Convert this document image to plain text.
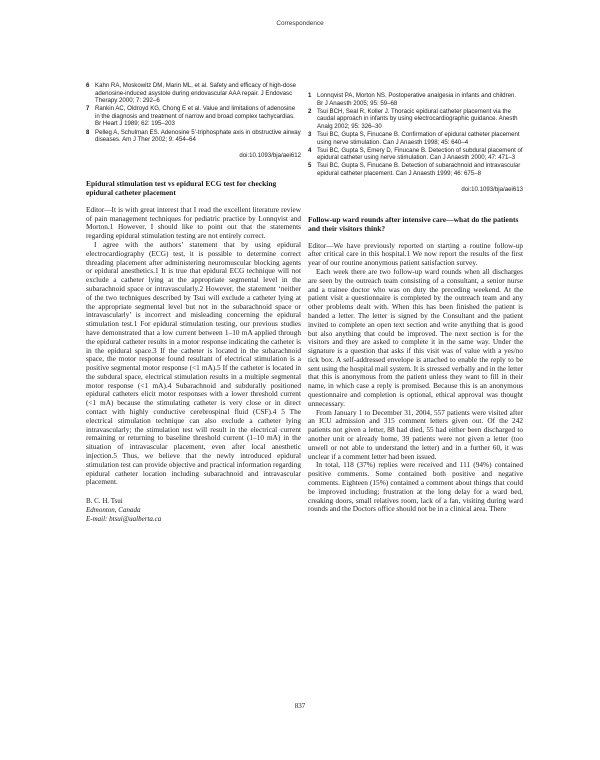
Correspondence
6 Kahn RA, Moskowitz DM, Marin ML, et al. Safety and efficacy of high-dose adenosine-induced asystole during endovascular AAA repair. J Endovasc Therapy 2000; 7: 292–6
7 Rankin AC, Oldroyd KG, Chong E et al. Value and limitations of adenosine in the diagnosis and treatment of narrow and broad complex tachycardias. Br Heart J 1989; 62: 195–203
8 Pelleg A, Schulman ES. Adenosine 5′-triphosphate axis in obstructive airway diseases. Am J Ther 2002; 9: 454–64
doi:10.1093/bja/aei612
Epidural stimulation test vs epidural ECG test for checking epidural catheter placement

Editor—It is with great interest that I read the excellent literature review of pain management techniques for pediatric practice by Lonnqvist and Morton.1 However, I should like to point out that the statements regarding epidural stimulation testing are not entirely correct.

I agree with the authors’ statement that by using epidural electrocardiography (ECG) test, it is possible to determine correct threading placement after administering neuromuscular blocking agents or epidural anesthetics.1 It is true that epidural ECG technique will not exclude a catheter lying at the appropriate segmental level in the subarachnoid space or intravascularly.2 However, the statement ‘neither of the two techniques described by Tsui will exclude a catheter lying at the appropriate segmental level but not in the subarachnoid space or intravascularly’ is incorrect and misleading concerning the epidural stimulation test.1 For epidural stimulation testing, our previous studies have demonstrated that a low current between 1–10 mA applied through the epidural catheter results in a motor response indicating the catheter is in the epidural space.3 If the catheter is located in the subarachnoid space, the motor response found resultant of electrical stimulation is a positive segmental motor response (<1 mA).5 If the catheter is located in the subdural space, electrical stimulation results in a multiple segmental motor response (<1 mA).4 Subarachnoid and subdurally positioned epidural catheters elicit motor responses with a lower threshold current (<1 mA) because the stimulating catheter is very close or in direct contact with highly conductive cerebrospinal fluid (CSF).4 5 The electrical stimulation technique can also exclude a catheter lying intravascularly; the stimulation test will result in the electrical current remaining or returning to baseline threshold current (1–10 mA) in the situation of intravascular placement, even after local anesthetic injection.5 Thus, we believe that the newly introduced epidural stimulation test can provide objective and practical information regarding epidural catheter location including subarachnoid and intravascular placement.

B. C. H. Tsui
Edmonton, Canada
E-mail: btsui@ualberta.ca
1 Lonnqvist PA, Morton NS. Postoperative analgesia in infants and children. Br J Anaesth 2005; 95: 59–68
2 Tsui BCH, Seal R, Koller J. Thoracic epidural catheter placement via the caudal approach in infants by using electrocardiographic guidance. Anesth Analg 2002; 95: 326–30
3 Tsui BC, Gupta S, Finucane B. Confirmation of epidural catheter placement using nerve stimulation. Can J Anaesth 1998; 45: 640–4
4 Tsui BC, Gupta S, Emery D, Finucane B. Detection of subdural placement of epidural catheter using nerve stimulation. Can J Anaesth 2000; 47: 471–3
5 Tsui BC, Gupta S, Finucane B. Detection of subarachnoid and intravascular epidural catheter placement. Can J Anaesth 1999; 46: 675–8
doi:10.1093/bja/aei613
Follow-up ward rounds after intensive care—what do the patients and their visitors think?

Editor—We have previously reported on starting a routine follow-up after critical care in this hospital.1 We now report the results of the first year of our routine anonymous patient satisfaction survey.

Each week there are two follow-up ward rounds when all discharges are seen by the outreach team consisting of a consultant, a senior nurse and a trainee doctor who was on duty the preceding weekend. At the patient visit a questionnaire is completed by the outreach team and any other problems dealt with. When this has been finished the patient is handed a letter. The letter is signed by the Consultant and the patient invited to complete an open text section and write anything that is good but also anything that could be improved. The next section is for the visitors and they are asked to complete it in the same way. Under the signature is a question that asks if this visit was of value with a yes/no tick box. A self-addressed envelope is attached to enable the reply to be sent using the hospital mail system. It is stressed verbally and in the letter that this is anonymous from the patient unless they want to fill in their name, in which case a reply is promised. Because this is an anonymous questionnaire and completion is optional, ethical approval was thought unnecessary.

From January 1 to December 31, 2004, 557 patients were visited after an ICU admission and 315 comment letters given out. Of the 242 patients not given a letter, 88 had died, 55 had either been discharged to another unit or already home, 39 patients were not given a letter (too unwell or not able to understand the letter) and in a further 60, it was unclear if a comment letter had been issued.

In total, 118 (37%) replies were received and 111 (94%) contained positive comments. Some contained both positive and negative comments. Eighteen (15%) contained a comment about things that could be improved including; frustration at the long delay for a ward bed, creaking doors, small relatives room, lack of a fan, visiting during ward rounds and the Doctors office should not be in a clinical area. There

837
